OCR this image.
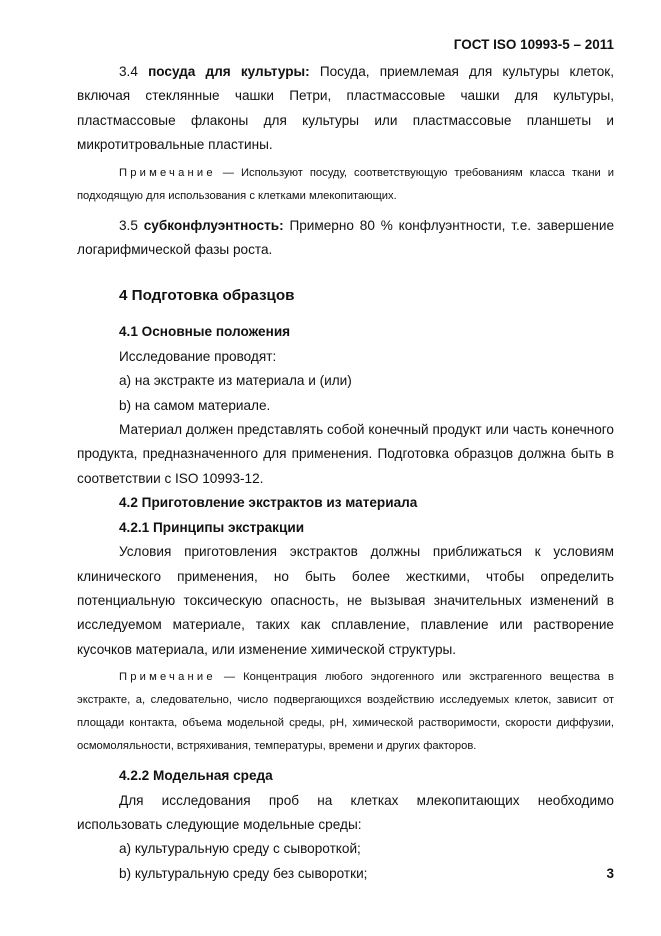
ГОСТ ISO 10993-5 – 2011

3.4 посуда для культуры: Посуда, приемлемая для культуры клеток, включая стеклянные чашки Петри, пластмассовые чашки для культуры, пластмассовые флаконы для культуры или пластмассовые планшеты и микротитровальные пластины.

Примечание — Используют посуду, соответствующую требованиям класса ткани и подходящую для использования с клетками млекопитающих.

3.5 субконфлуэнтность: Примерно 80 % конфлуэнтности, т.е. завершение логарифмической фазы роста.

4 Подготовка образцов
4.1 Основные положения

Исследование проводят:

a) на экстракте из материала и (или)

b) на самом материале.

Материал должен представлять собой конечный продукт или часть конечного продукта, предназначенного для применения. Подготовка образцов должна быть в соответствии с ISO 10993-12.

4.2 Приготовление экстрактов из материала
4.2.1 Принципы экстракции

Условия приготовления экстрактов должны приближаться к условиям клинического применения, но быть более жесткими, чтобы определить потенциальную токсическую опасность, не вызывая значительных изменений в исследуемом материале, таких как сплавление, плавление или растворение кусочков материала, или изменение химической структуры.

Примечание — Концентрация любого эндогенного или экстрагенного вещества в экстракте, а, следовательно, число подвергающихся воздействию исследуемых клеток, зависит от площади контакта, объема модельной среды, pH, химической растворимости, скорости диффузии, осмомоляльности, встряхивания, температуры, времени и других факторов.

4.2.2 Модельная среда

Для исследования проб на клетках млекопитающих необходимо использовать следующие модельные среды:

a) культуральную среду с сывороткой;

b) культуральную среду без сыворотки;	3
